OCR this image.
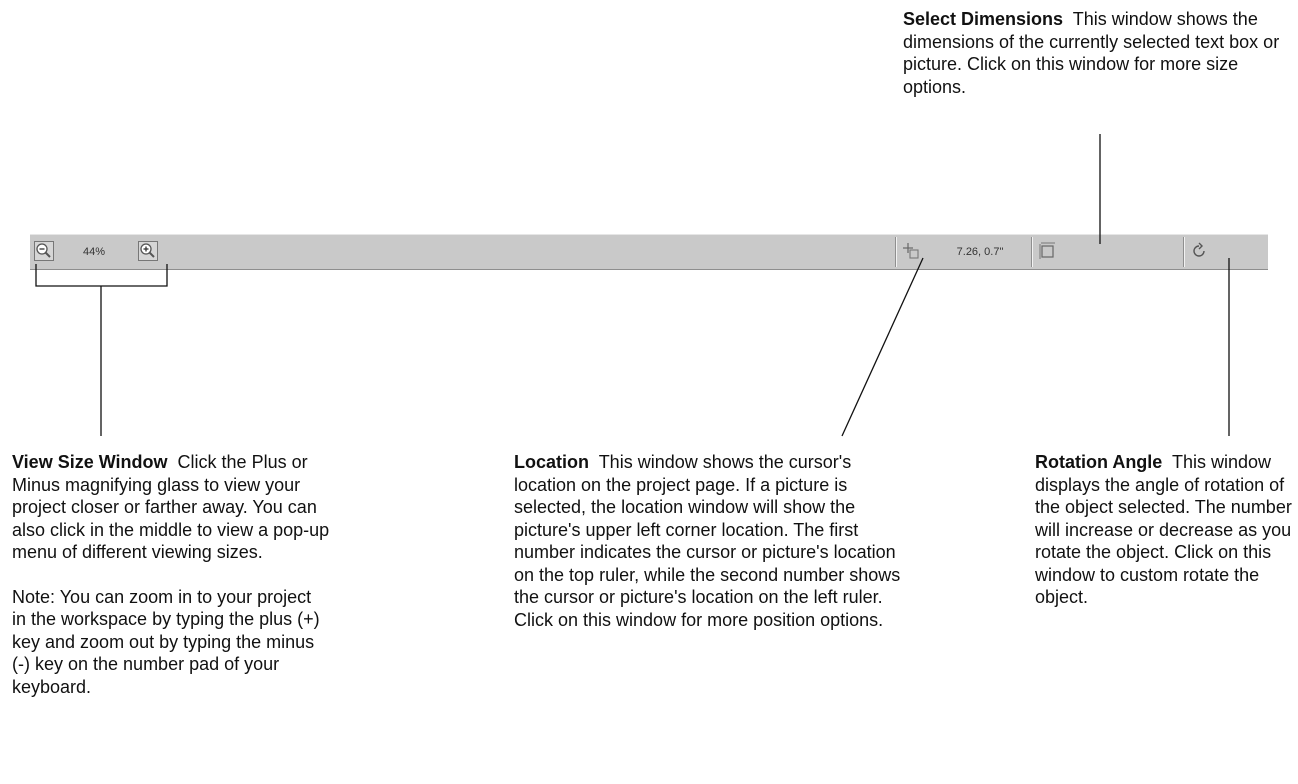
Select Dimensions This window shows the dimensions of the currently selected text box or picture. Click on this window for more size options.

44%	7.26, 0.7"

View Size Window Click the Plus or Minus magnifying glass to view your project closer or farther away. You can also click in the middle to view a pop-up menu of different viewing sizes.

Note: You can zoom in to your project in the workspace by typing the plus (+) key and zoom out by typing the minus (-) key on the number pad of your keyboard.

Location This window shows the cursor's location on the project page. If a picture is selected, the location window will show the picture's upper left corner location. The first number indicates the cursor or picture's location on the top ruler, while the second number shows the cursor or picture's location on the left ruler. Click on this window for more position options.

Rotation Angle This window displays the angle of rotation of the object selected. The number will increase or decrease as you rotate the object. Click on this window to custom rotate the object.
